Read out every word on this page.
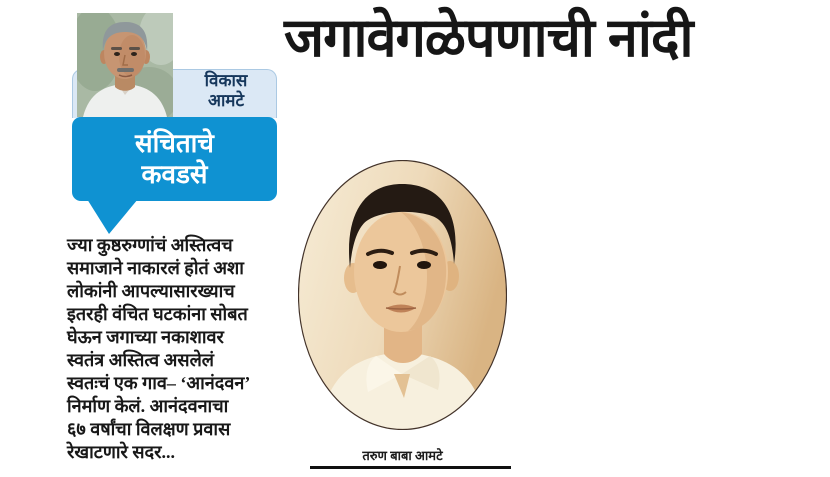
विकास
आमटे
संचिताचे
कवडसे
जगावेगळेपणाची नांदी
ज्या कुष्ठरुग्णांचं अस्तित्वच
समाजाने नाकारलं होतं अशा
लोकांनी आपल्यासारख्याच
इतरही वंचित घटकांना सोबत
घेऊन जगाच्या नकाशावर
स्वतंत्र अस्तित्व असलेलं
स्वतःचं एक गाव– ‘आनंदवन’
निर्माण केलं. आनंदवनाचा
६७ वर्षांचा विलक्षण प्रवास
रेखाटणारे सदर...	तरुण बाबा आमटे
